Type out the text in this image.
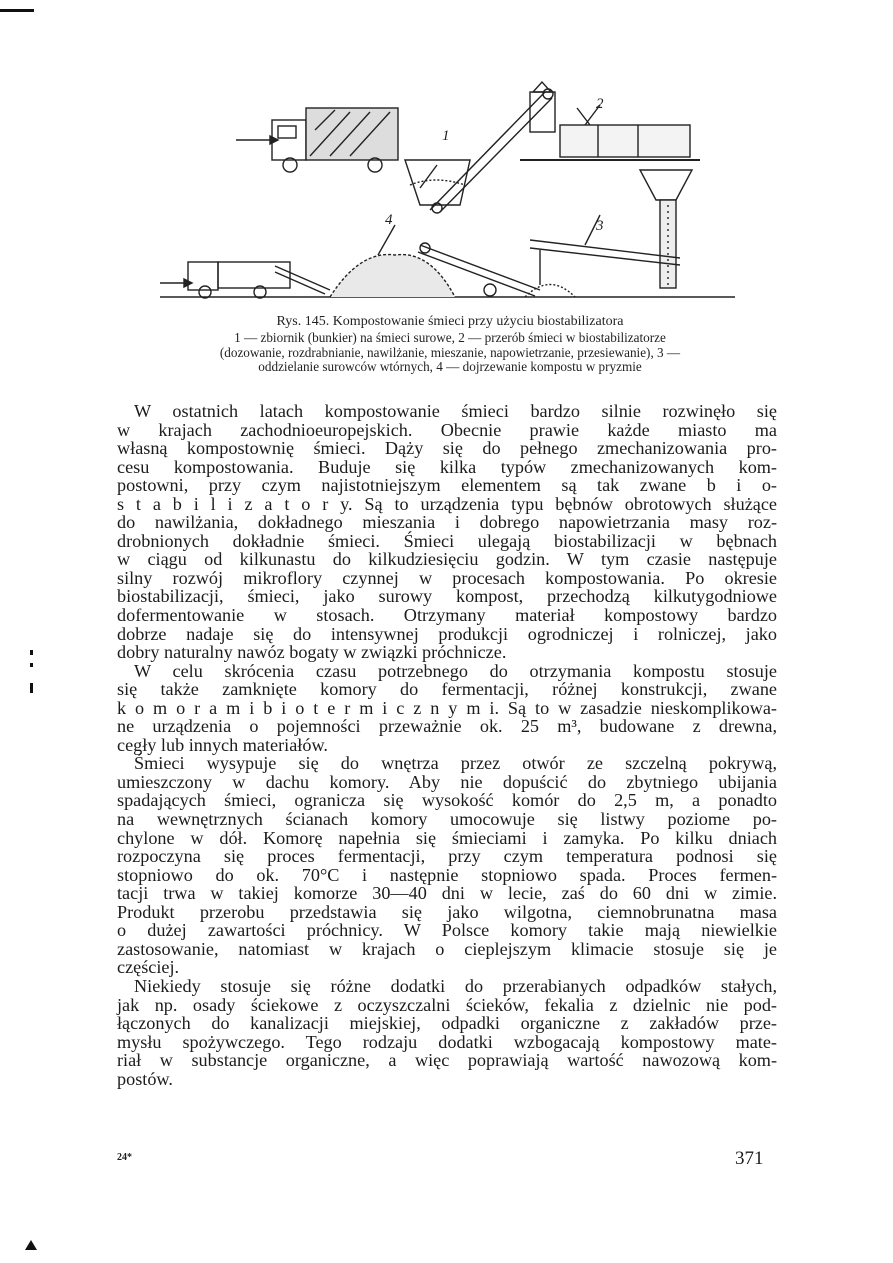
1
2
3
4
Rys. 145. Kompostowanie śmieci przy użyciu biostabilizatora
1 — zbiornik (bunkier) na śmieci surowe, 2 — przerób śmieci w biostabilizatorze
(dozowanie, rozdrabnianie, nawilżanie, mieszanie, napowietrzanie, przesiewanie), 3 —
oddzielanie surowców wtórnych, 4 — dojrzewanie kompostu w pryzmie
W ostatnich latach kompostowanie śmieci bardzo silnie rozwinęło się
w krajach zachodnioeuropejskich. Obecnie prawie każde miasto ma
własną kompostownię śmieci. Dąży się do pełnego zmechanizowania pro-
cesu kompostowania. Buduje się kilka typów zmechanizowanych kom-
postowni, przy czym najistotniejszym elementem są tak zwane b i o-
s t a b i l i z a t o r y. Są to urządzenia typu bębnów obrotowych służące
do nawilżania, dokładnego mieszania i dobrego napowietrzania masy roz-
drobnionych dokładnie śmieci. Śmieci ulegają biostabilizacji w bębnach
w ciągu od kilkunastu do kilkudziesięciu godzin. W tym czasie następuje
silny rozwój mikroflory czynnej w procesach kompostowania. Po okresie
biostabilizacji, śmieci, jako surowy kompost, przechodzą kilkutygodniowe
dofermentowanie w stosach. Otrzymany materiał kompostowy bardzo
dobrze nadaje się do intensywnej produkcji ogrodniczej i rolniczej, jako
dobry naturalny nawóz bogaty w związki próchnicze.
W celu skrócenia czasu potrzebnego do otrzymania kompostu stosuje
się także zamknięte komory do fermentacji, różnej konstrukcji, zwane
k o m o r a m i b i o t e r m i c z n y m i. Są to w zasadzie nieskomplikowa-
ne urządzenia o pojemności przeważnie ok. 25 m³, budowane z drewna,
cegły lub innych materiałów.
Śmieci wysypuje się do wnętrza przez otwór ze szczelną pokrywą,
umieszczony w dachu komory. Aby nie dopuścić do zbytniego ubijania
spadających śmieci, ogranicza się wysokość komór do 2,5 m, a ponadto
na wewnętrznych ścianach komory umocowuje się listwy poziome po-
chylone w dół. Komorę napełnia się śmieciami i zamyka. Po kilku dniach
rozpoczyna się proces fermentacji, przy czym temperatura podnosi się
stopniowo do ok. 70°C i następnie stopniowo spada. Proces fermen-
tacji trwa w takiej komorze 30—40 dni w lecie, zaś do 60 dni w zimie.
Produkt przerobu przedstawia się jako wilgotna, ciemnobrunatna masa
o dużej zawartości próchnicy. W Polsce komory takie mają niewielkie
zastosowanie, natomiast w krajach o cieplejszym klimacie stosuje się je
częściej.
Niekiedy stosuje się różne dodatki do przerabianych odpadków stałych,
jak np. osady ściekowe z oczyszczalni ścieków, fekalia z dzielnic nie pod-
łączonych do kanalizacji miejskiej, odpadki organiczne z zakładów prze-
mysłu spożywczego. Tego rodzaju dodatki wzbogacają kompostowy mate-
riał w substancje organiczne, a więc poprawiają wartość nawozową kom-
postów.
24*	371
